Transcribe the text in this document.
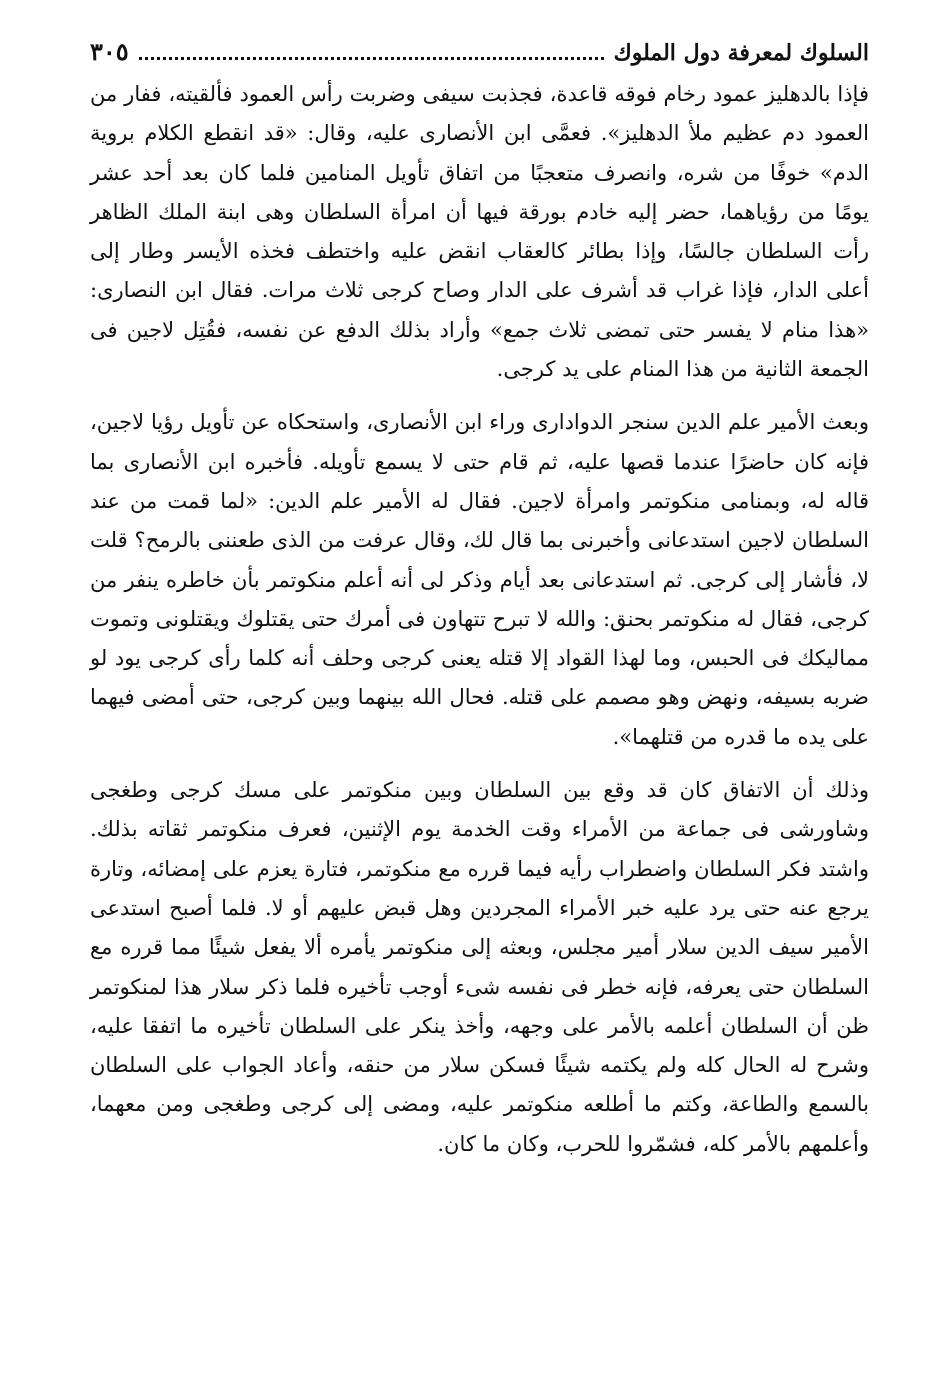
السلوك لمعرفة دول الملوك
٣٠٥

فإذا بالدهليز عمود رخام فوقه قاعدة، فجذبت سيفى وضربت رأس العمود فألقيته، ففار من العمود دم عظيم ملأ الدهليز». فعمَّى ابن الأنصارى عليه، وقال: «قد انقطع الكلام بروية الدم» خوفًا من شره، وانصرف متعجبًا من اتفاق تأويل المنامين فلما كان بعد أحد عشر يومًا من رؤياهما، حضر إليه خادم بورقة فيها أن امرأة السلطان وهى ابنة الملك الظاهر رأت السلطان جالسًا، وإذا بطائر كالعقاب انقض عليه واختطف فخذه الأيسر وطار إلى أعلى الدار، فإذا غراب قد أشرف على الدار وصاح كرجى ثلاث مرات. فقال ابن النصارى: «هذا منام لا يفسر حتى تمضى ثلاث جمع» وأراد بذلك الدفع عن نفسه، فقُتِل لاجين فى الجمعة الثانية من هذا المنام على يد كرجى.

وبعث الأمير علم الدين سنجر الدوادارى وراء ابن الأنصارى، واستحكاه عن تأويل رؤيا لاجين، فإنه كان حاضرًا عندما قصها عليه، ثم قام حتى لا يسمع تأويله. فأخبره ابن الأنصارى بما قاله له، وبمنامى منكوتمر وامرأة لاجين. فقال له الأمير علم الدين: «لما قمت من عند السلطان لاجين استدعانى وأخبرنى بما قال لك، وقال عرفت من الذى طعننى بالرمح؟ قلت لا، فأشار إلى كرجى. ثم استدعانى بعد أيام وذكر لى أنه أعلم منكوتمر بأن خاطره ينفر من كرجى، فقال له منكوتمر بحنق: والله لا تبرح تتهاون فى أمرك حتى يقتلوك ويقتلونى وتموت مماليكك فى الحبس، وما لهذا القواد إلا قتله يعنى كرجى وحلف أنه كلما رأى كرجى يود لو ضربه بسيفه، ونهض وهو مصمم على قتله. فحال الله بينهما وبين كرجى، حتى أمضى فيهما على يده ما قدره من قتلهما».

وذلك أن الاتفاق كان قد وقع بين السلطان وبين منكوتمر على مسك كرجى وطغجى وشاورشى فى جماعة من الأمراء وقت الخدمة يوم الإثنين، فعرف منكوتمر ثقاته بذلك. واشتد فكر السلطان واضطراب رأيه فيما قرره مع منكوتمر، فتارة يعزم على إمضائه، وتارة يرجع عنه حتى يرد عليه خبر الأمراء المجردين وهل قبض عليهم أو لا. فلما أصبح استدعى الأمير سيف الدين سلار أمير مجلس، وبعثه إلى منكوتمر يأمره ألا يفعل شيئًا مما قرره مع السلطان حتى يعرفه، فإنه خطر فى نفسه شىء أوجب تأخيره فلما ذكر سلار هذا لمنكوتمر ظن أن السلطان أعلمه بالأمر على وجهه، وأخذ ينكر على السلطان تأخيره ما اتفقا عليه، وشرح له الحال كله ولم يكتمه شيئًا فسكن سلار من حنقه، وأعاد الجواب على السلطان بالسمع والطاعة، وكتم ما أطلعه منكوتمر عليه، ومضى إلى كرجى وطغجى ومن معهما، وأعلمهم بالأمر كله، فشمّروا للحرب، وكان ما كان.
